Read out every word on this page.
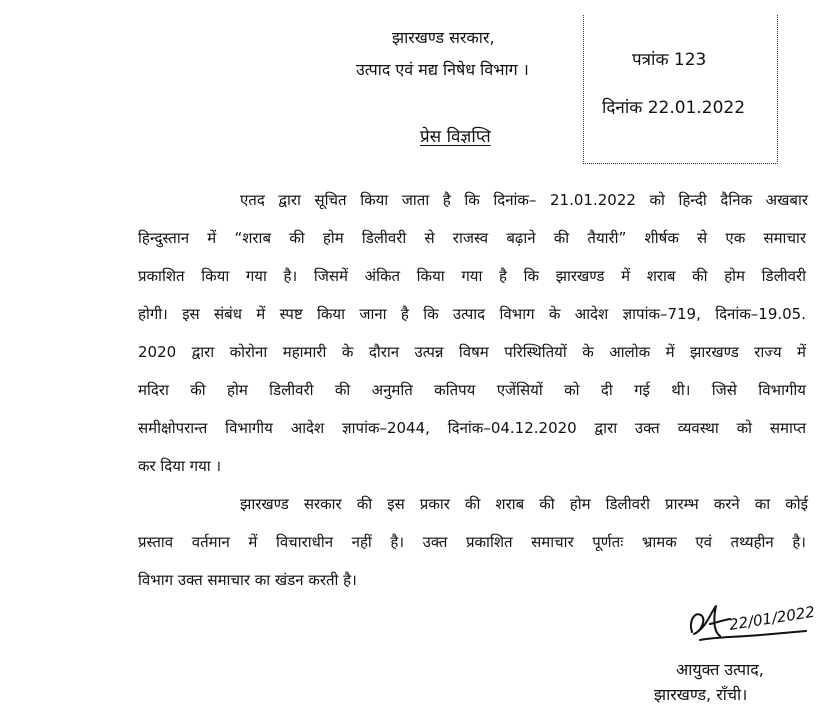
झारखण्ड सरकार,
उत्पाद एवं मद्य निषेध विभाग ।	पत्रांक 123
दिनांक 22.01.2022
प्रेस विज्ञप्ति
एतद द्वारा सूचित किया जाता है कि दिनांक– 21.01.2022 को हिन्दी दैनिक अखबार
हिन्दुस्तान में “शराब की होम डिलीवरी से राजस्व बढ़ाने की तैयारी” शीर्षक से एक समाचार
प्रकाशित किया गया है। जिसमें अंकित किया गया है कि झारखण्ड में शराब की होम डिलीवरी
होगी। इस संबंध में स्पष्ट किया जाना है कि उत्पाद विभाग के आदेश ज्ञापांक–719, दिनांक–19.05.
2020 द्वारा कोरोना महामारी के दौरान उत्पन्न विषम परिस्थितियों के आलोक में झारखण्ड राज्य में
मदिरा की होम डिलीवरी की अनुमति कतिपय एजेंसियों को दी गई थी। जिसे विभागीय
समीक्षोपरान्त विभागीय आदेश ज्ञापांक–2044, दिनांक–04.12.2020 द्वारा उक्त व्यवस्था को समाप्त
कर दिया गया ।
झारखण्ड सरकार की इस प्रकार की शराब की होम डिलीवरी प्रारम्भ करने का कोई
प्रस्ताव वर्तमान में विचाराधीन नहीं है। उक्त प्रकाशित समाचार पूर्णतः भ्रामक एवं तथ्यहीन है।
विभाग उक्त समाचार का खंडन करती है।
22/01/2022
आयुक्त उत्पाद,
झारखण्ड, राँची।
